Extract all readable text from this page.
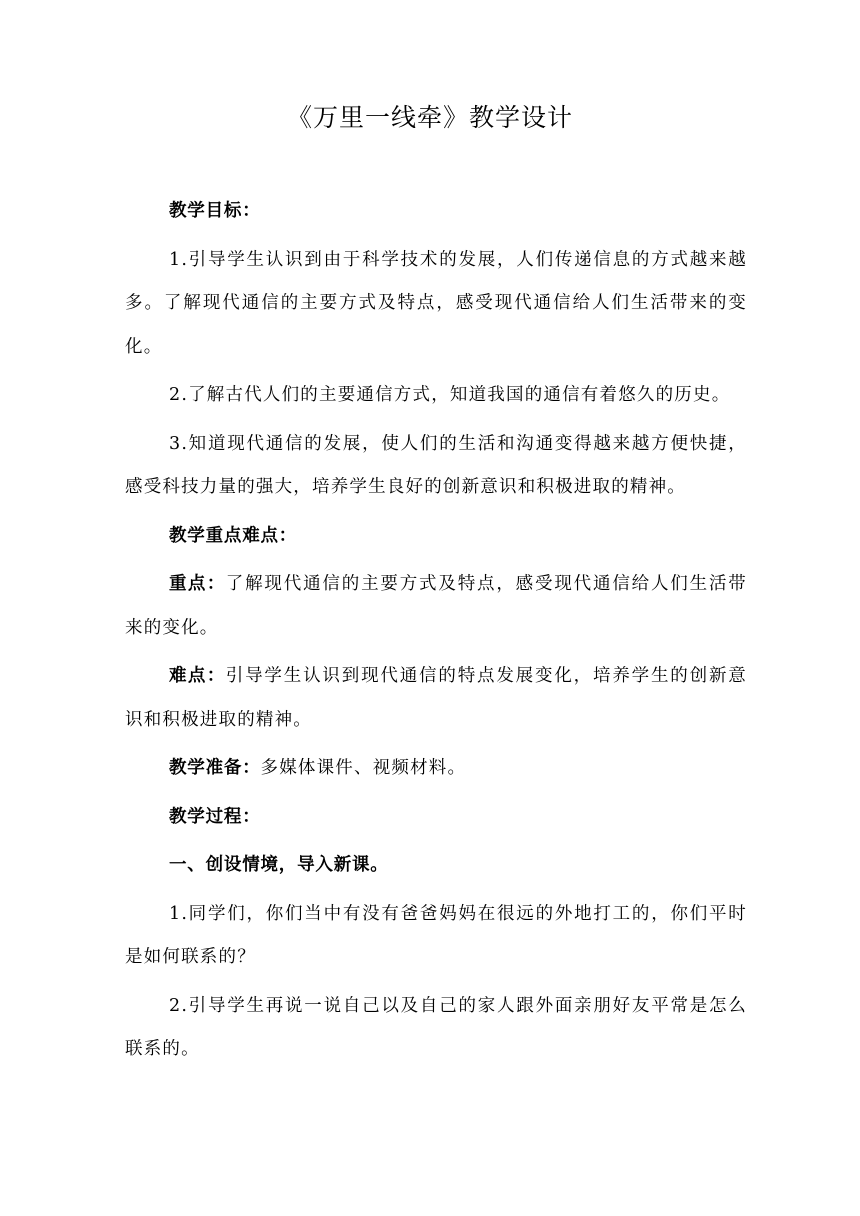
《万里一线牵》教学设计

教学目标：

1.引导学生认识到由于科学技术的发展，人们传递信息的方式越来越多。了解现代通信的主要方式及特点，感受现代通信给人们生活带来的变化。

2.了解古代人们的主要通信方式，知道我国的通信有着悠久的历史。

3.知道现代通信的发展，使人们的生活和沟通变得越来越方便快捷，感受科技力量的强大，培养学生良好的创新意识和积极进取的精神。

教学重点难点：

重点：了解现代通信的主要方式及特点，感受现代通信给人们生活带来的变化。

难点：引导学生认识到现代通信的特点发展变化，培养学生的创新意识和积极进取的精神。

教学准备：多媒体课件、视频材料。

教学过程：

一、创设情境，导入新课。

1.同学们，你们当中有没有爸爸妈妈在很远的外地打工的，你们平时是如何联系的？

2.引导学生再说一说自己以及自己的家人跟外面亲朋好友平常是怎么联系的。
